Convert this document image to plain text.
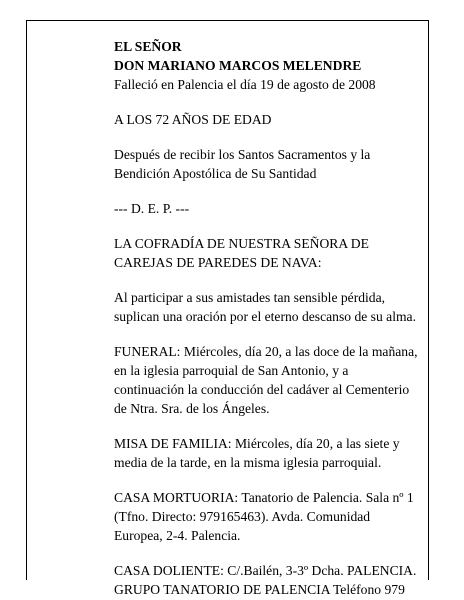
EL SEÑOR
DON MARIANO MARCOS MELENDRE
Falleció en Palencia el día 19 de agosto de 2008
A LOS 72 AÑOS DE EDAD
Después de recibir los Santos Sacramentos y la
Bendición Apostólica de Su Santidad
--- D. E. P. ---
LA COFRADÍA DE NUESTRA SEÑORA DE
CAREJAS DE PAREDES DE NAVA:
Al participar a sus amistades tan sensible pérdida,
suplican una oración por el eterno descanso de su alma.
FUNERAL: Miércoles, día 20, a las doce de la mañana,
en la iglesia parroquial de San Antonio, y a
continuación la conducción del cadáver al Cementerio
de Ntra. Sra. de los Ángeles.
MISA DE FAMILIA: Miércoles, día 20, a las siete y
media de la tarde, en la misma iglesia parroquial.
CASA MORTUORIA: Tanatorio de Palencia. Sala nº 1
(Tfno. Directo: 979165463). Avda. Comunidad
Europea, 2-4. Palencia.
CASA DOLIENTE: C/.Bailén, 3-3º Dcha. PALENCIA.
GRUPO TANATORIO DE PALENCIA Teléfono 979
